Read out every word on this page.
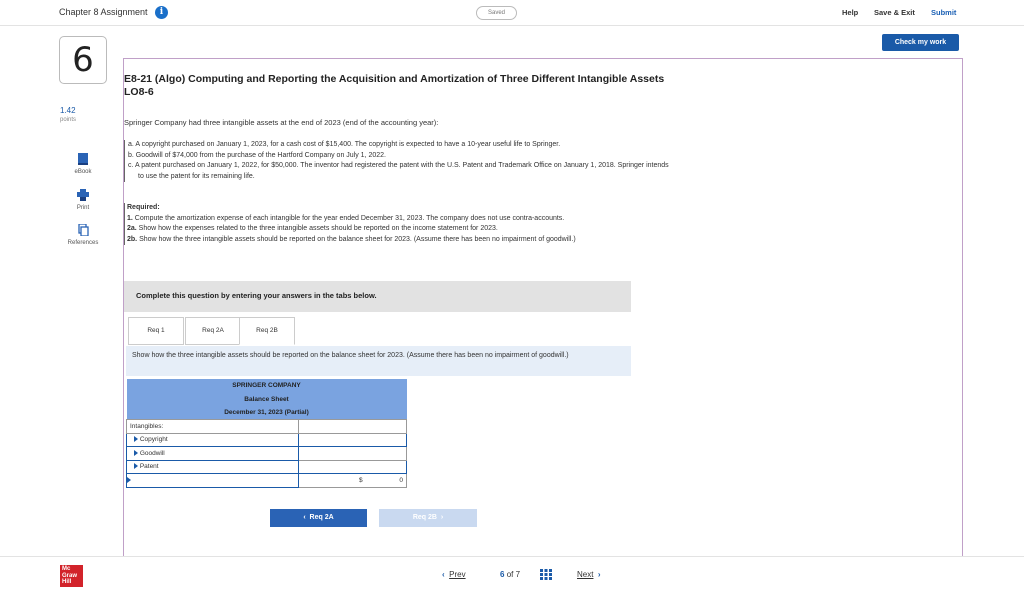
Chapter 8 Assignment	i	Saved	Help Save & Exit Submit
Check my work
6
1.42
points
eBook
Print
References
E8-21 (Algo) Computing and Reporting the Acquisition and Amortization of Three Different Intangible Assets LO8-6
Springer Company had three intangible assets at the end of 2023 (end of the accounting year):
a. A copyright purchased on January 1, 2023, for a cash cost of $15,400. The copyright is expected to have a 10-year useful life to Springer.
b. Goodwill of $74,000 from the purchase of the Hartford Company on July 1, 2022.
c. A patent purchased on January 1, 2022, for $50,000. The inventor had registered the patent with the U.S. Patent and Trademark Office on January 1, 2018. Springer intends to use the patent for its remaining life.
Required:
1. Compute the amortization expense of each intangible for the year ended December 31, 2023. The company does not use contra-accounts.
2a. Show how the expenses related to the three intangible assets should be reported on the income statement for 2023.
2b. Show how the three intangible assets should be reported on the balance sheet for 2023. (Assume there has been no impairment of goodwill.)
Complete this question by entering your answers in the tabs below.
Req 1	Req 2A	Req 2B
Show how the three intangible assets should be reported on the balance sheet for 2023. (Assume there has been no impairment of goodwill.)
SPRINGER COMPANY	
Balance Sheet	
December 31, 2023 (Partial)	
Intangibles:	
Copyright	
Goodwill	
Patent	

	$ 0
‹ Req 2A	Req 2B ›
Mc
Graw
Hill
‹ Prev	6 of 7	Next ›
